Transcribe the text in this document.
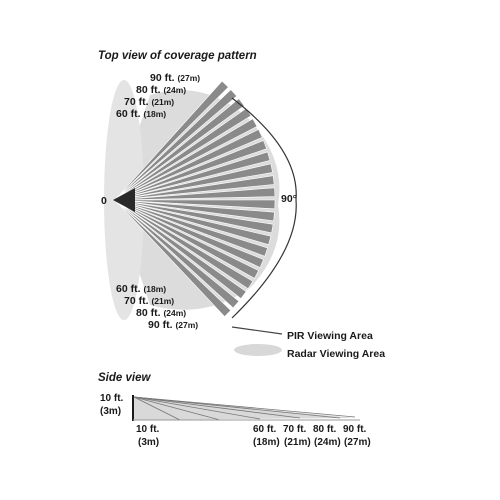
Top view of coverage pattern
0	90°
90 ft. (27m)
80 ft. (24m)
70 ft. (21m)
60 ft. (18m)
60 ft. (18m)
70 ft. (21m)
80 ft. (24m)
90 ft. (27m)
PIR Viewing Area
Radar Viewing Area
Side view
10 ft.
(3m)
10 ft.
(3m)
60 ft. 70 ft. 80 ft. 90 ft.
(18m) (21m) (24m) (27m)
